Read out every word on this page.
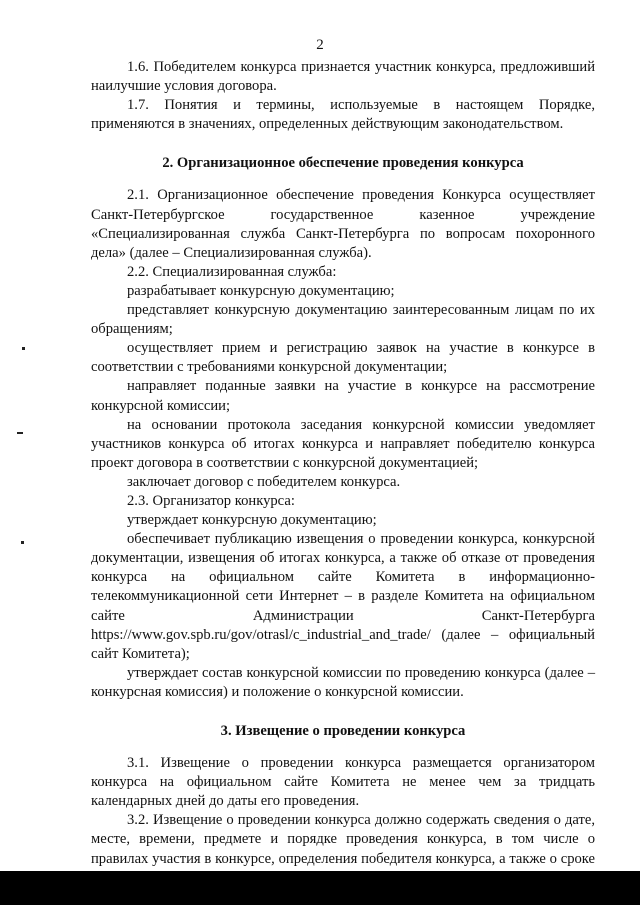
2

1.6. Победителем конкурса признается участник конкурса, предложивший наилучшие условия договора.

1.7. Понятия и термины, используемые в настоящем Порядке, применяются в значениях, определенных действующим законодательством.

2. Организационное обеспечение проведения конкурса

2.1. Организационное обеспечение проведения Конкурса осуществляет Санкт-Петербургское государственное казенное учреждение «Специализированная служба Санкт-Петербурга по вопросам похоронного дела» (далее – Специализированная служба).

2.2. Специализированная служба:

разрабатывает конкурсную документацию;

представляет конкурсную документацию заинтересованным лицам по их обращениям;

осуществляет прием и регистрацию заявок на участие в конкурсе в соответствии с требованиями конкурсной документации;

направляет поданные заявки на участие в конкурсе на рассмотрение конкурсной комиссии;

на основании протокола заседания конкурсной комиссии уведомляет участников конкурса об итогах конкурса и направляет победителю конкурса проект договора в соответствии с конкурсной документацией;

заключает договор с победителем конкурса.

2.3. Организатор конкурса:

утверждает конкурсную документацию;

обеспечивает публикацию извещения о проведении конкурса, конкурсной документации, извещения об итогах конкурса, а также об отказе от проведения конкурса на официальном сайте Комитета в информационно-телекоммуникационной сети Интернет – в разделе Комитета на официальном сайте Администрации Санкт-Петербурга https://www.gov.spb.ru/gov/otrasl/c_industrial_and_trade/ (далее – официальный сайт Комитета);

утверждает состав конкурсной комиссии по проведению конкурса (далее – конкурсная комиссия) и положение о конкурсной комиссии.

3. Извещение о проведении конкурса

3.1. Извещение о проведении конкурса размещается организатором конкурса на официальном сайте Комитета не менее чем за тридцать календарных дней до даты его проведения.

3.2. Извещение о проведении конкурса должно содержать сведения о дате, месте, времени, предмете и порядке проведения конкурса, в том числе о правилах участия в конкурсе, определения победителя конкурса, а также о сроке
